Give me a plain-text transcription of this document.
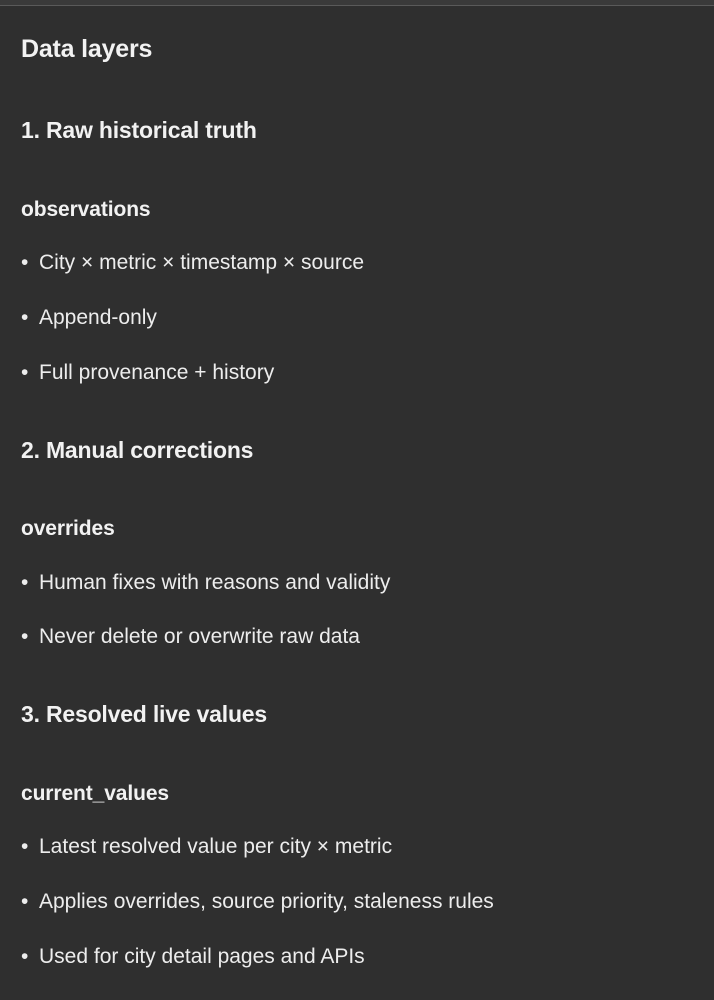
Data layers
1. Raw historical truth
observations
• City × metric × timestamp × source
• Append-only
• Full provenance + history
2. Manual corrections
overrides
• Human fixes with reasons and validity
• Never delete or overwrite raw data
3. Resolved live values
current_values
• Latest resolved value per city × metric
• Applies overrides, source priority, staleness rules
• Used for city detail pages and APIs
